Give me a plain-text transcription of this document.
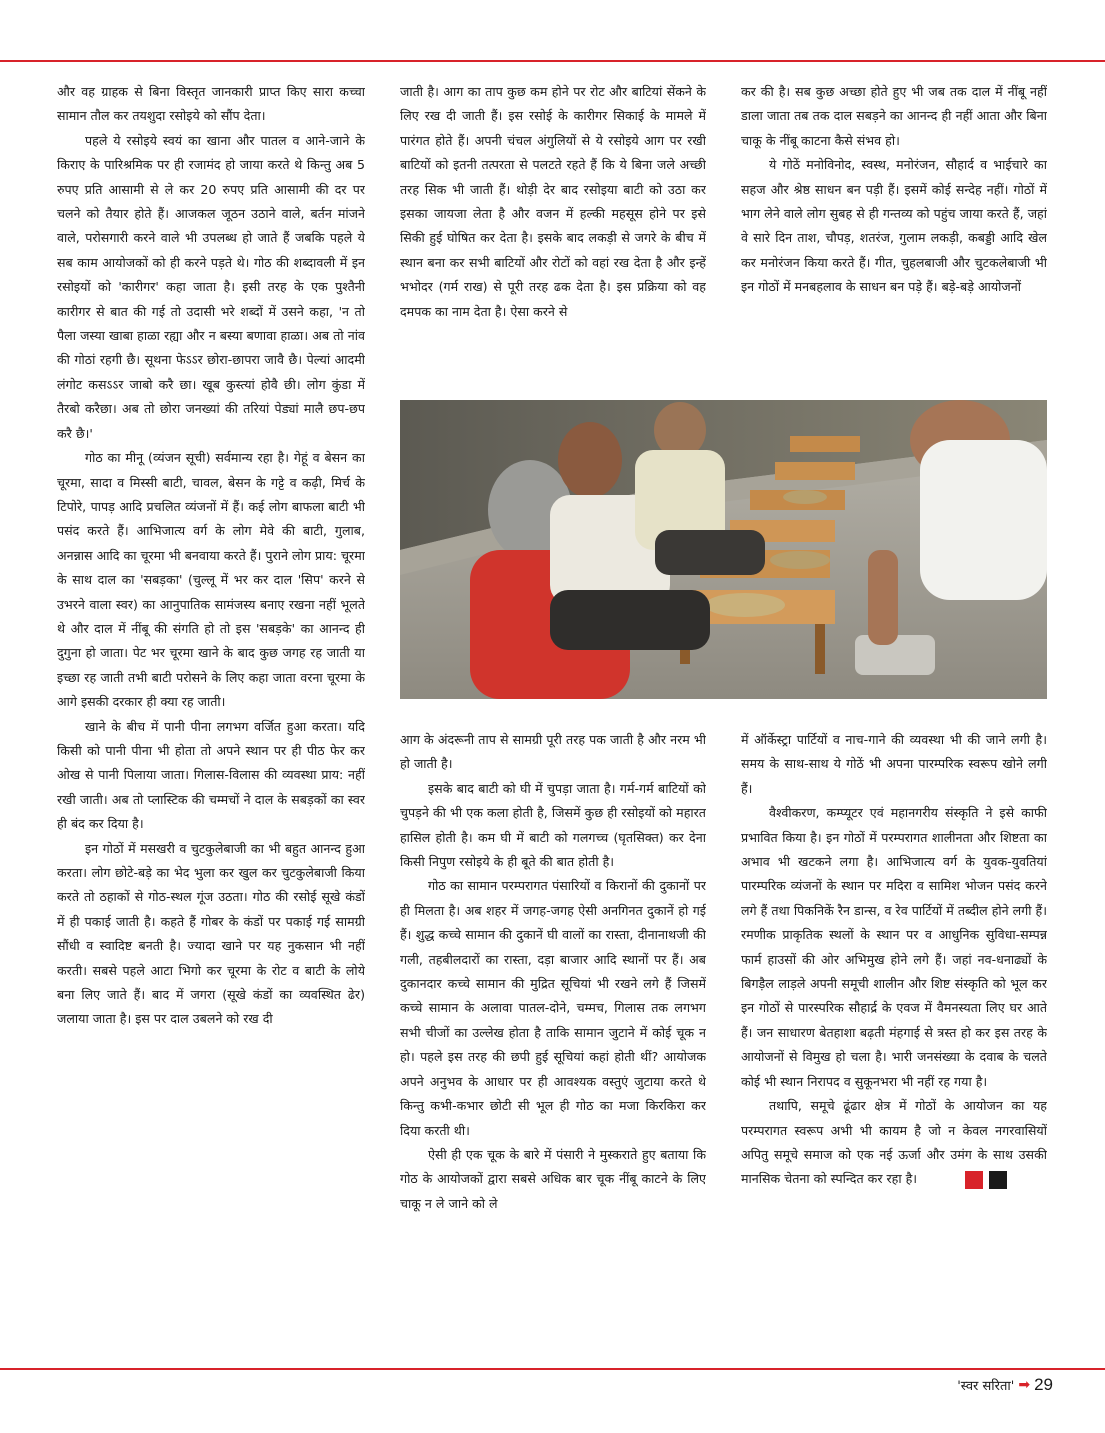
और वह ग्राहक से बिना विस्तृत जानकारी प्राप्त किए सारा कच्चा सामान तौल कर तयशुदा रसोइये को सौंप देता।

पहले ये रसोइये स्वयं का खाना और पातल व आने-जाने के किराए के पारिश्रमिक पर ही रजामंद हो जाया करते थे किन्तु अब 5 रुपए प्रति आसामी से ले कर 20 रुपए प्रति आसामी की दर पर चलने को तैयार होते हैं। आजकल जूठन उठाने वाले, बर्तन मांजने वाले, परोसगारी करने वाले भी उपलब्ध हो जाते हैं जबकि पहले ये सब काम आयोजकों को ही करने पड़ते थे। गोठ की शब्दावली में इन रसोइयों को 'कारीगर' कहा जाता है। इसी तरह के एक पुश्तैनी कारीगर से बात की गई तो उदासी भरे शब्दों में उसने कहा, 'न तो पैला जस्या खाबा हाळा रह्या और न बस्या बणावा हाळा। अब तो नांव की गोठां रहगी छै। सूथना फेऽऽर छोरा-छापरा जावै छै। पेल्यां आदमी लंगोट कसऽऽर जाबो करै छा। खूब कुस्त्यां होवै छी। लोग कुंडा में तैरबो करैछा। अब तो छोरा जनख्यां की तरियां पेड्यां मालै छप-छप करै छै।'

गोठ का मीनू (व्यंजन सूची) सर्वमान्य रहा है। गेहूं व बेसन का चूरमा, सादा व मिस्सी बाटी, चावल, बेसन के गट्टे व कढ़ी, मिर्च के टिपोरे, पापड़ आदि प्रचलित व्यंजनों में हैं। कई लोग बाफला बाटी भी पसंद करते हैं। आभिजात्य वर्ग के लोग मेवे की बाटी, गुलाब, अनन्नास आदि का चूरमा भी बनवाया करते हैं। पुराने लोग प्राय: चूरमा के साथ दाल का 'सबड़का' (चुल्लू में भर कर दाल 'सिप' करने से उभरने वाला स्वर) का आनुपातिक सामंजस्य बनाए रखना नहीं भूलते थे और दाल में नींबू की संगति हो तो इस 'सबड़के' का आनन्द ही दुगुना हो जाता। पेट भर चूरमा खाने के बाद कुछ जगह रह जाती या इच्छा रह जाती तभी बाटी परोसने के लिए कहा जाता वरना चूरमा के आगे इसकी दरकार ही क्या रह जाती।

खाने के बीच में पानी पीना लगभग वर्जित हुआ करता। यदि किसी को पानी पीना भी होता तो अपने स्थान पर ही पीठ फेर कर ओख से पानी पिलाया जाता। गिलास-विलास की व्यवस्था प्राय: नहीं रखी जाती। अब तो प्लास्टिक की चम्मचों ने दाल के सबड़कों का स्वर ही बंद कर दिया है।

इन गोठों में मसखरी व चुटकुलेबाजी का भी बहुत आनन्द हुआ करता। लोग छोटे-बड़े का भेद भुला कर खुल कर चुटकुलेबाजी किया करते तो ठहाकों से गोठ-स्थल गूंज उठता। गोठ की रसोई सूखे कंडों में ही पकाई जाती है। कहते हैं गोबर के कंडों पर पकाई गई सामग्री सौंधी व स्वादिष्ट बनती है। ज्यादा खाने पर यह नुकसान भी नहीं करती। सबसे पहले आटा भिगो कर चूरमा के रोट व बाटी के लोये बना लिए जाते हैं। बाद में जगरा (सूखे कंडों का व्यवस्थित ढेर) जलाया जाता है। इस पर दाल उबलने को रख दी

जाती है। आग का ताप कुछ कम होने पर रोट और बाटियां सेंकने के लिए रख दी जाती हैं। इस रसोई के कारीगर सिकाई के मामले में पारंगत होते हैं। अपनी चंचल अंगुलियों से ये रसोइये आग पर रखी बाटियों को इतनी तत्परता से पलटते रहते हैं कि ये बिना जले अच्छी तरह सिक भी जाती हैं। थोड़ी देर बाद रसोइया बाटी को उठा कर इसका जायजा लेता है और वजन में हल्की महसूस होने पर इसे सिकी हुई घोषित कर देता है। इसके बाद लकड़ी से जगरे के बीच में स्थान बना कर सभी बाटियों और रोटों को वहां रख देता है और इन्हें भभोदर (गर्म राख) से पूरी तरह ढक देता है। इस प्रक्रिया को वह दमपक का नाम देता है। ऐसा करने से

कर की है। सब कुछ अच्छा होते हुए भी जब तक दाल में नींबू नहीं डाला जाता तब तक दाल सबड़ने का आनन्द ही नहीं आता और बिना चाकू के नींबू काटना कैसे संभव हो।

ये गोठें मनोविनोद, स्वस्थ, मनोरंजन, सौहार्द व भाईचारे का सहज और श्रेष्ठ साधन बन पड़ी हैं। इसमें कोई सन्देह नहीं। गोठों में भाग लेने वाले लोग सुबह से ही गन्तव्य को पहुंच जाया करते हैं, जहां वे सारे दिन ताश, चौपड़, शतरंज, गुलाम लकड़ी, कबड्डी आदि खेल कर मनोरंजन किया करते हैं। गीत, चुहलबाजी और चुटकलेबाजी भी इन गोठों में मनबहलाव के साधन बन पड़े हैं। बड़े-बड़े आयोजनों

आग के अंदरूनी ताप से सामग्री पूरी तरह पक जाती है और नरम भी हो जाती है।

इसके बाद बाटी को घी में चुपड़ा जाता है। गर्म-गर्म बाटियों को चुपड़ने की भी एक कला होती है, जिसमें कुछ ही रसोइयों को महारत हासिल होती है। कम घी में बाटी को गलगच्च (घृतसिक्त) कर देना किसी निपुण रसोइये के ही बूते की बात होती है।

गोठ का सामान परम्परागत पंसारियों व किरानों की दुकानों पर ही मिलता है। अब शहर में जगह-जगह ऐसी अनगिनत दुकानें हो गई हैं। शुद्ध कच्चे सामान की दुकानें घी वालों का रास्ता, दीनानाथजी की गली, तहबीलदारों का रास्ता, दड़ा बाजार आदि स्थानों पर हैं। अब दुकानदार कच्चे सामान की मुद्रित सूचियां भी रखने लगे हैं जिसमें कच्चे सामान के अलावा पातल-दोने, चम्मच, गिलास तक लगभग सभी चीजों का उल्लेख होता है ताकि सामान जुटाने में कोई चूक न हो। पहले इस तरह की छपी हुई सूचियां कहां होती थीं? आयोजक अपने अनुभव के आधार पर ही आवश्यक वस्तुएं जुटाया करते थे किन्तु कभी-कभार छोटी सी भूल ही गोठ का मजा किरकिरा कर दिया करती थी।

ऐसी ही एक चूक के बारे में पंसारी ने मुस्कराते हुए बताया कि गोठ के आयोजकों द्वारा सबसे अधिक बार चूक नींबू काटने के लिए चाकू न ले जाने को ले

में ऑर्केस्ट्रा पार्टियों व नाच-गाने की व्यवस्था भी की जाने लगी है। समय के साथ-साथ ये गोठें भी अपना पारम्परिक स्वरूप खोने लगी हैं।

वैश्वीकरण, कम्प्यूटर एवं महानगरीय संस्कृति ने इसे काफी प्रभावित किया है। इन गोठों में परम्परागत शालीनता और शिष्टता का अभाव भी खटकने लगा है। आभिजात्य वर्ग के युवक-युवतियां पारम्परिक व्यंजनों के स्थान पर मदिरा व सामिश भोजन पसंद करने लगे हैं तथा पिकनिकें रैन डान्स, व रेव पार्टियों में तब्दील होने लगी हैं। रमणीक प्राकृतिक स्थलों के स्थान पर व आधुनिक सुविधा-सम्पन्न फार्म हाउसों की ओर अभिमुख होने लगे हैं। जहां नव-धनाढ्यों के बिगड़ैल लाड़ले अपनी समूची शालीन और शिष्ट संस्कृति को भूल कर इन गोठों से पारस्परिक सौहार्द्र के एवज में वैमनस्यता लिए घर आते हैं। जन साधारण बेतहाशा बढ़ती मंहगाई से त्रस्त हो कर इस तरह के आयोजनों से विमुख हो चला है। भारी जनसंख्या के दवाब के चलते कोई भी स्थान निरापद व सुकूनभरा भी नहीं रह गया है।

तथापि, समूचे ढूंढार क्षेत्र में गोठों के आयोजन का यह परम्परागत स्वरूप अभी भी कायम है जो न केवल नगरवासियों अपितु समूचे समाज को एक नई ऊर्जा और उमंग के साथ उसकी मानसिक चेतना को स्पन्दित कर रहा है।

'स्वर सरिता' ➡ 29
